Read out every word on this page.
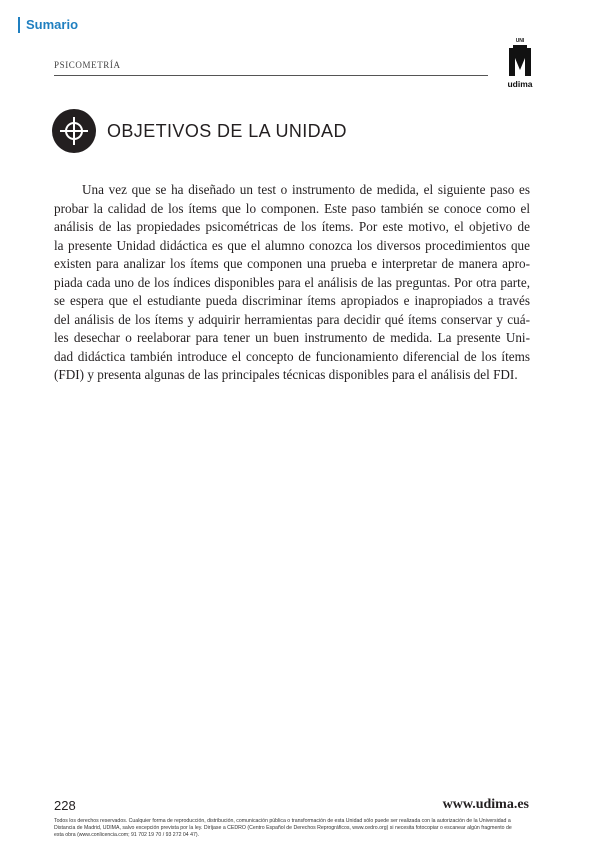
Sumario
PSICOMETRÍA
UNI
udima
OBJETIVOS DE LA UNIDAD
Una vez que se ha diseñado un test o instrumento de medida, el siguiente paso es
probar la calidad de los ítems que lo componen. Este paso también se conoce como el
análisis de las propiedades psicométricas de los ítems. Por este motivo, el objetivo de
la presente Unidad didáctica es que el alumno conozca los diversos procedimientos que
existen para analizar los ítems que componen una prueba e interpretar de manera apro-
piada cada uno de los índices disponibles para el análisis de las preguntas. Por otra parte,
se espera que el estudiante pueda discriminar ítems apropiados e inapropiados a través
del análisis de los ítems y adquirir herramientas para decidir qué ítems conservar y cuá-
les desechar o reelaborar para tener un buen instrumento de medida. La presente Uni-
dad didáctica también introduce el concepto de funcionamiento diferencial de los ítems
(FDI) y presenta algunas de las principales técnicas disponibles para el análisis del FDI.
228	www.udima.es
Todos los derechos reservados. Cualquier forma de reproducción, distribución, comunicación pública o transformación de esta Unidad sólo puede ser realizada con la autorización de la Universidad a
Distancia de Madrid, UDIMA, salvo excepción prevista por la ley. Diríjase a CEDRO (Centro Español de Derechos Reprográficos, www.cedro.org) si necesita fotocopiar o escanear algún fragmento de
esta obra (www.conlicencia.com; 91 702 19 70 / 93 272 04 47).
